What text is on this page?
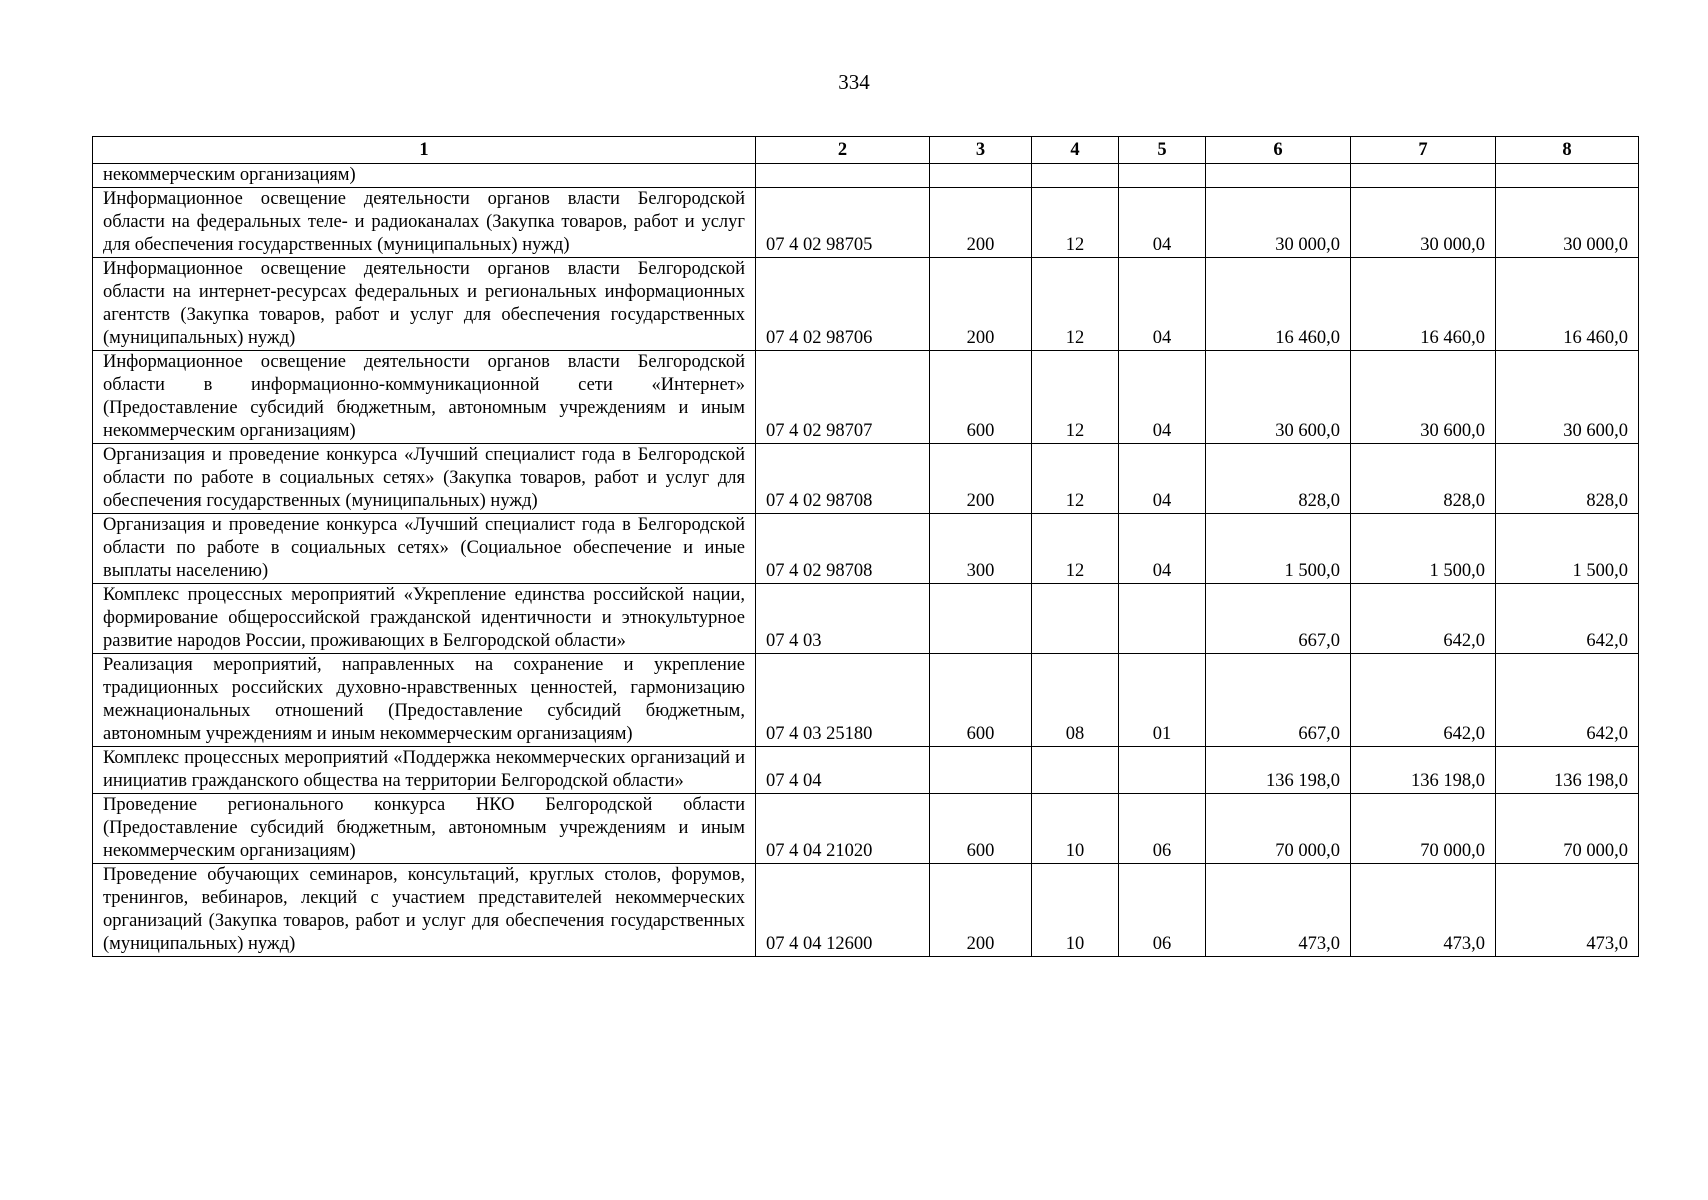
334
1	2	3	4	5	6	7	8
некоммерческим организациям)							
Информационное освещение деятельности органов власти Белгородской области на федеральных теле- и радиоканалах (Закупка товаров, работ и услуг для обеспечения государственных (муниципальных) нужд)	07 4 02 98705	200	12	04	30 000,0	30 000,0	30 000,0
Информационное освещение деятельности органов власти Белгородской области на интернет-ресурсах федеральных и региональных информационных агентств (Закупка товаров, работ и услуг для обеспечения государственных (муниципальных) нужд)	07 4 02 98706	200	12	04	16 460,0	16 460,0	16 460,0
Информационное освещение деятельности органов власти Белгородской области в информационно-коммуникационной сети «Интернет» (Предоставление субсидий бюджетным, автономным учреждениям и иным некоммерческим организациям)	07 4 02 98707	600	12	04	30 600,0	30 600,0	30 600,0
Организация и проведение конкурса «Лучший специалист года в Белгородской области по работе в социальных сетях» (Закупка товаров, работ и услуг для обеспечения государственных (муниципальных) нужд)	07 4 02 98708	200	12	04	828,0	828,0	828,0
Организация и проведение конкурса «Лучший специалист года в Белгородской области по работе в социальных сетях» (Социальное обеспечение и иные выплаты населению)	07 4 02 98708	300	12	04	1 500,0	1 500,0	1 500,0
Комплекс процессных мероприятий «Укрепление единства российской нации, формирование общероссийской гражданской идентичности и этнокультурное развитие народов России, проживающих в Белгородской области»	07 4 03				667,0	642,0	642,0
Реализация мероприятий, направленных на сохранение и укрепление традиционных российских духовно-нравственных ценностей, гармонизацию межнациональных отношений (Предоставление субсидий бюджетным, автономным учреждениям и иным некоммерческим организациям)	07 4 03 25180	600	08	01	667,0	642,0	642,0
Комплекс процессных мероприятий «Поддержка некоммерческих организаций и инициатив гражданского общества на территории Белгородской области»	07 4 04				136 198,0	136 198,0	136 198,0
Проведение регионального конкурса НКО Белгородской области (Предоставление субсидий бюджетным, автономным учреждениям и иным некоммерческим организациям)	07 4 04 21020	600	10	06	70 000,0	70 000,0	70 000,0
Проведение обучающих семинаров, консультаций, круглых столов, форумов, тренингов, вебинаров, лекций с участием представителей некоммерческих организаций (Закупка товаров, работ и услуг для обеспечения государственных (муниципальных) нужд)	07 4 04 12600	200	10	06	473,0	473,0	473,0
